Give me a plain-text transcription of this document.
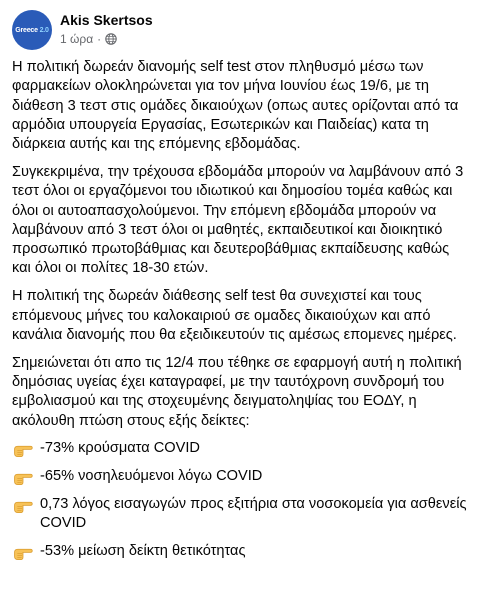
Greece 2.0
Akis Skertsos
1 ώρα ·

Η πολιτική δωρεάν διανομής self test στον πληθυσμό μέσω των φαρμακείων ολοκληρώνεται για τον μήνα Ιουνίου έως 19/6, με τη διάθεση 3 τεστ στις ομάδες δικαιούχων (οπως αυτες ορίζονται από τα αρμόδια υπουργεία Εργασίας, Εσωτερικών και Παιδείας) κατα τη διάρκεια αυτής και της επόμενης εβδομάδας.

Συγκεκριμένα, την τρέχουσα εβδομάδα μπορούν να λαμβάνουν από 3 τεστ όλοι οι εργαζόμενοι του ιδιωτικού και δημοσίου τομέα καθώς και όλοι οι αυτοαπασχολούμενοι. Την επόμενη εβδομάδα μπορούν να λαμβάνουν από 3 τεστ όλοι οι μαθητές, εκπαιδευτικοί και διοικητικό προσωπικό πρωτοβάθμιας και δευτεροβάθμιας εκπαίδευσης καθώς και όλοι οι πολίτες 18-30 ετών.

Η πολιτική της δωρεάν διάθεσης self test θα συνεχιστεί και τους επόμενους μήνες του καλοκαιριού σε ομαδες δικαιούχων και από κανάλια διανομής που θα εξειδικευτούν τις αμέσως επομενες ημέρες.

Σημειώνεται ότι απο τις 12/4 που τέθηκε σε εφαρμογή αυτή η πολιτική δημόσιας υγείας έχει καταγραφεί, με την ταυτόχρονη συνδρομή του εμβολιασμού και της στοχευμένης δειγματοληψίας του ΕΟΔΥ, η ακόλουθη πτώση στους εξής δείκτες:

-73% κρούσματα COVID
-65% νοσηλευόμενοι λόγω COVID
0,73 λόγος εισαγωγών προς εξιτήρια στα νοσοκομεία για ασθενείς COVID
-53% μείωση δείκτη θετικότητας
